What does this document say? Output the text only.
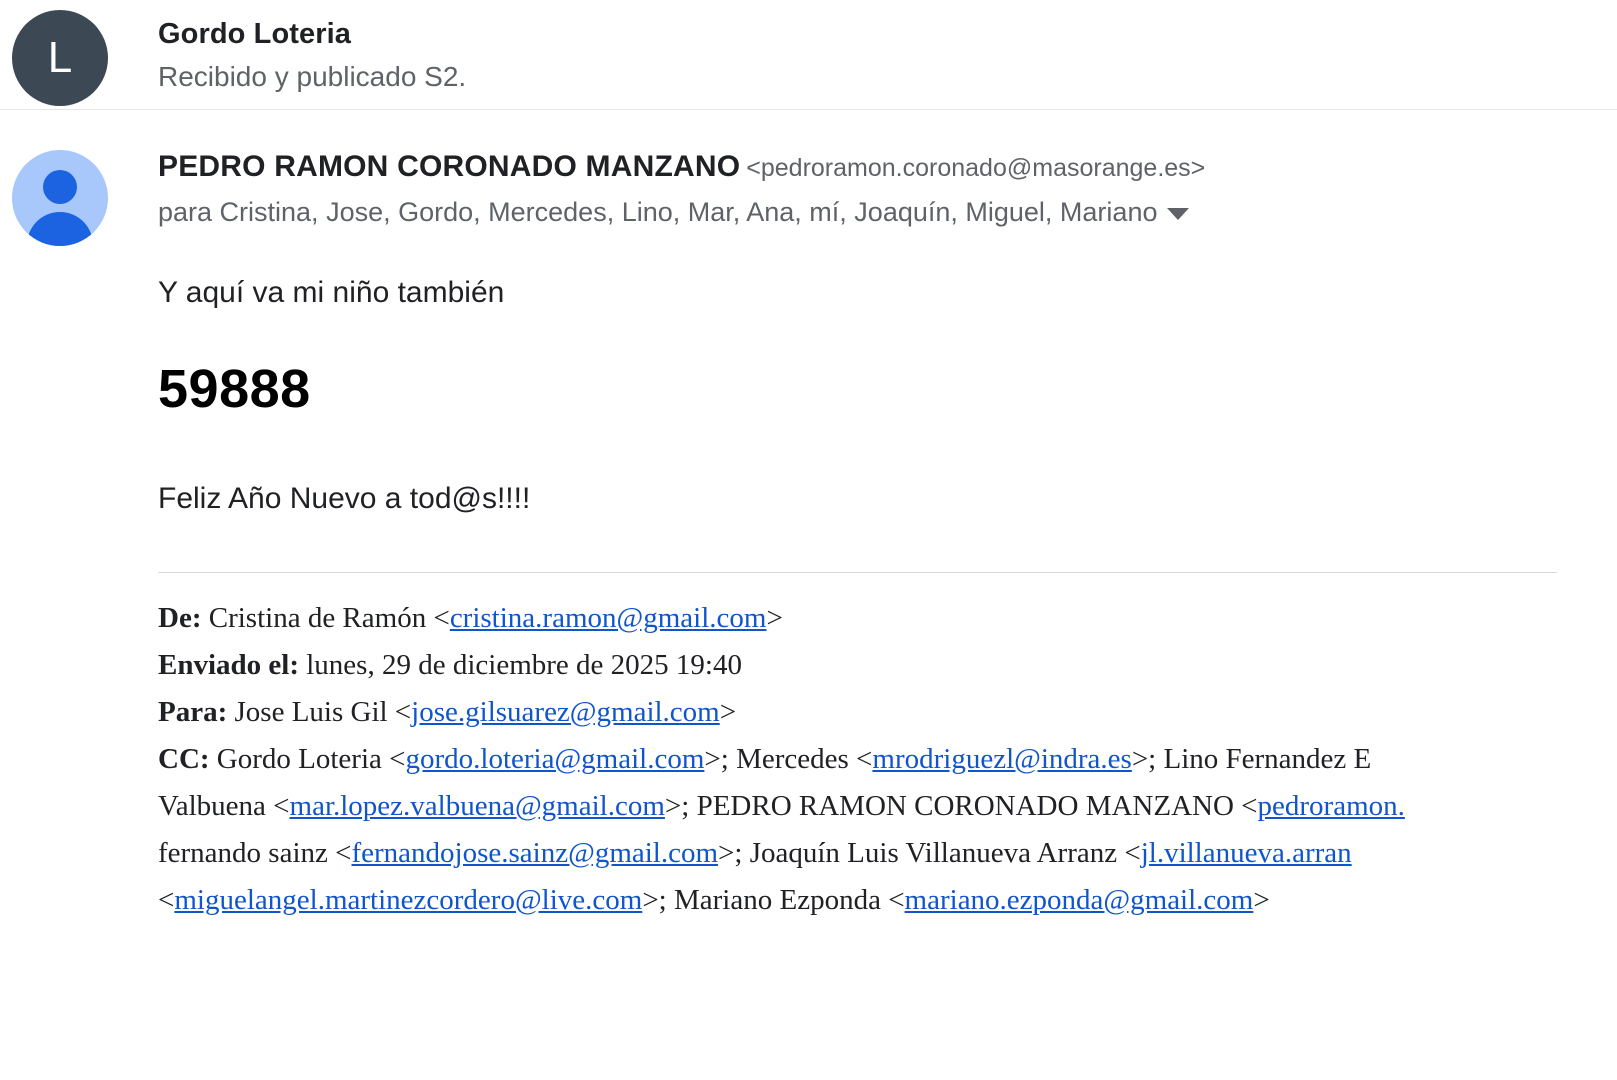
L	Gordo Loteria
Recibido y publicado S2.
PEDRO RAMON CORONADO MANZANO <pedroramon.coronado@masorange.es>
para Cristina, Jose, Gordo, Mercedes, Lino, Mar, Ana, mí, Joaquín, Miguel, Mariano
Y aquí va mi niño también
59888
Feliz Año Nuevo a tod@s!!!!
De: Cristina de Ramón <cristina.ramon@gmail.com>
Enviado el: lunes, 29 de diciembre de 2025 19:40
Para: Jose Luis Gil <jose.gilsuarez@gmail.com>
CC: Gordo Loteria <gordo.loteria@gmail.com>; Mercedes <mrodriguezl@indra.es>; Lino Fernandez E
Valbuena <mar.lopez.valbuena@gmail.com>; PEDRO RAMON CORONADO MANZANO <pedroramon.
fernando sainz <fernandojose.sainz@gmail.com>; Joaquín Luis Villanueva Arranz <jl.villanueva.arran
<miguelangel.martinezcordero@live.com>; Mariano Ezponda <mariano.ezponda@gmail.com>
